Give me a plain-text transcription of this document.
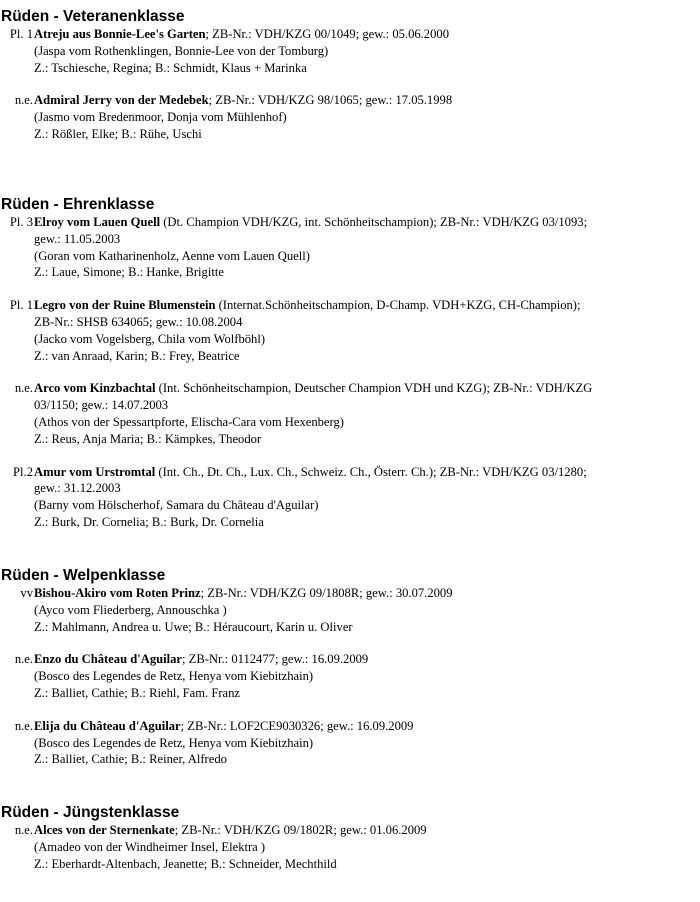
Rüden - Veteranenklasse
Pl. 1 Atreju aus Bonnie-Lee's Garten; ZB-Nr.: VDH/KZG 00/1049; gew.: 05.06.2000
(Jaspa vom Rothenklingen, Bonnie-Lee von der Tomburg)
Z.: Tschiesche, Regina; B.: Schmidt, Klaus + Marinka
n.e. Admiral Jerry von der Medebek; ZB-Nr.: VDH/KZG 98/1065; gew.: 17.05.1998
(Jasmo vom Bredenmoor, Donja vom Mühlenhof)
Z.: Rößler, Elke; B.: Rühe, Uschi
Rüden - Ehrenklasse
Pl. 3 Elroy vom Lauen Quell (Dt. Champion VDH/KZG, int. Schönheitschampion); ZB-Nr.: VDH/KZG 03/1093;
gew.: 11.05.2003
(Goran vom Katharinenholz, Aenne vom Lauen Quell)
Z.: Laue, Simone; B.: Hanke, Brigitte
Pl. 1 Legro von der Ruine Blumenstein (Internat.Schönheitschampion, D-Champ. VDH+KZG, CH-Champion);
ZB-Nr.: SHSB 634065; gew.: 10.08.2004
(Jacko vom Vogelsberg, Chila vom Wolfböhl)
Z.: van Anraad, Karin; B.: Frey, Beatrice
n.e. Arco vom Kinzbachtal (Int. Schönheitschampion, Deutscher Champion VDH und KZG); ZB-Nr.: VDH/KZG
03/1150; gew.: 14.07.2003
(Athos von der Spessartpforte, Elischa-Cara vom Hexenberg)
Z.: Reus, Anja Maria; B.: Kämpkes, Theodor
Pl.2 Amur vom Urstromtal (Int. Ch., Dt. Ch., Lux. Ch., Schweiz. Ch., Österr. Ch.); ZB-Nr.: VDH/KZG 03/1280;
gew.: 31.12.2003
(Barny vom Hölscherhof, Samara du Château d'Aguilar)
Z.: Burk, Dr. Cornelia; B.: Burk, Dr. Cornelia
Rüden - Welpenklasse
vv Bishou-Akiro vom Roten Prinz; ZB-Nr.: VDH/KZG 09/1808R; gew.: 30.07.2009
(Ayco vom Fliederberg, Annouschka )
Z.: Mahlmann, Andrea u. Uwe; B.: Héraucourt, Karin u. Oliver
n.e. Enzo du Château d'Aguilar; ZB-Nr.: 0112477; gew.: 16.09.2009
(Bosco des Legendes de Retz, Henya vom Kiebitzhain)
Z.: Balliet, Cathie; B.: Riehl, Fam. Franz
n.e. Elija du Château d'Aguilar; ZB-Nr.: LOF2CE9030326; gew.: 16.09.2009
(Bosco des Legendes de Retz, Henya vom Kiebitzhain)
Z.: Balliet, Cathie; B.: Reiner, Alfredo
Rüden - Jüngstenklasse
n.e. Alces von der Sternenkate; ZB-Nr.: VDH/KZG 09/1802R; gew.: 01.06.2009
(Amadeo von der Windheimer Insel, Elektra )
Z.: Eberhardt-Altenbach, Jeanette; B.: Schneider, Mechthild
